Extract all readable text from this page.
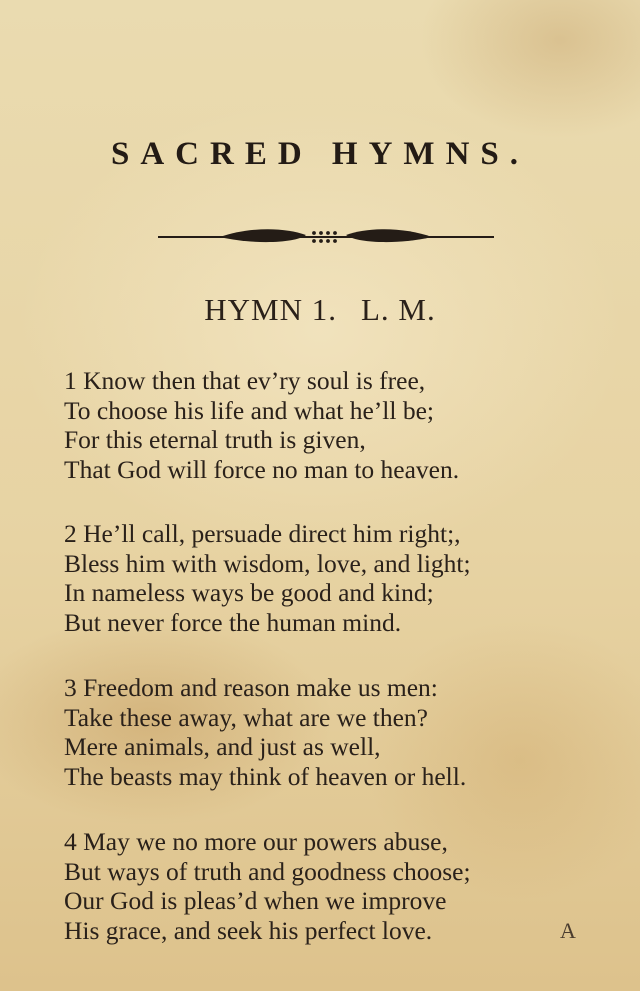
SACRED HYMNS.
HYMN 1. L. M.
1 Know then that ev’ry soul is free,
To choose his life and what he’ll be;
For this eternal truth is given,
That God will force no man to heaven.
2 He’ll call, persuade direct him right;,
Bless him with wisdom, love, and light;
In nameless ways be good and kind;
But never force the human mind.
3 Freedom and reason make us men:
Take these away, what are we then?
Mere animals, and just as well,
The beasts may think of heaven or hell.
4 May we no more our powers abuse,
But ways of truth and goodness choose;
Our God is pleas’d when we improve
His grace, and seek his perfect love.	A
